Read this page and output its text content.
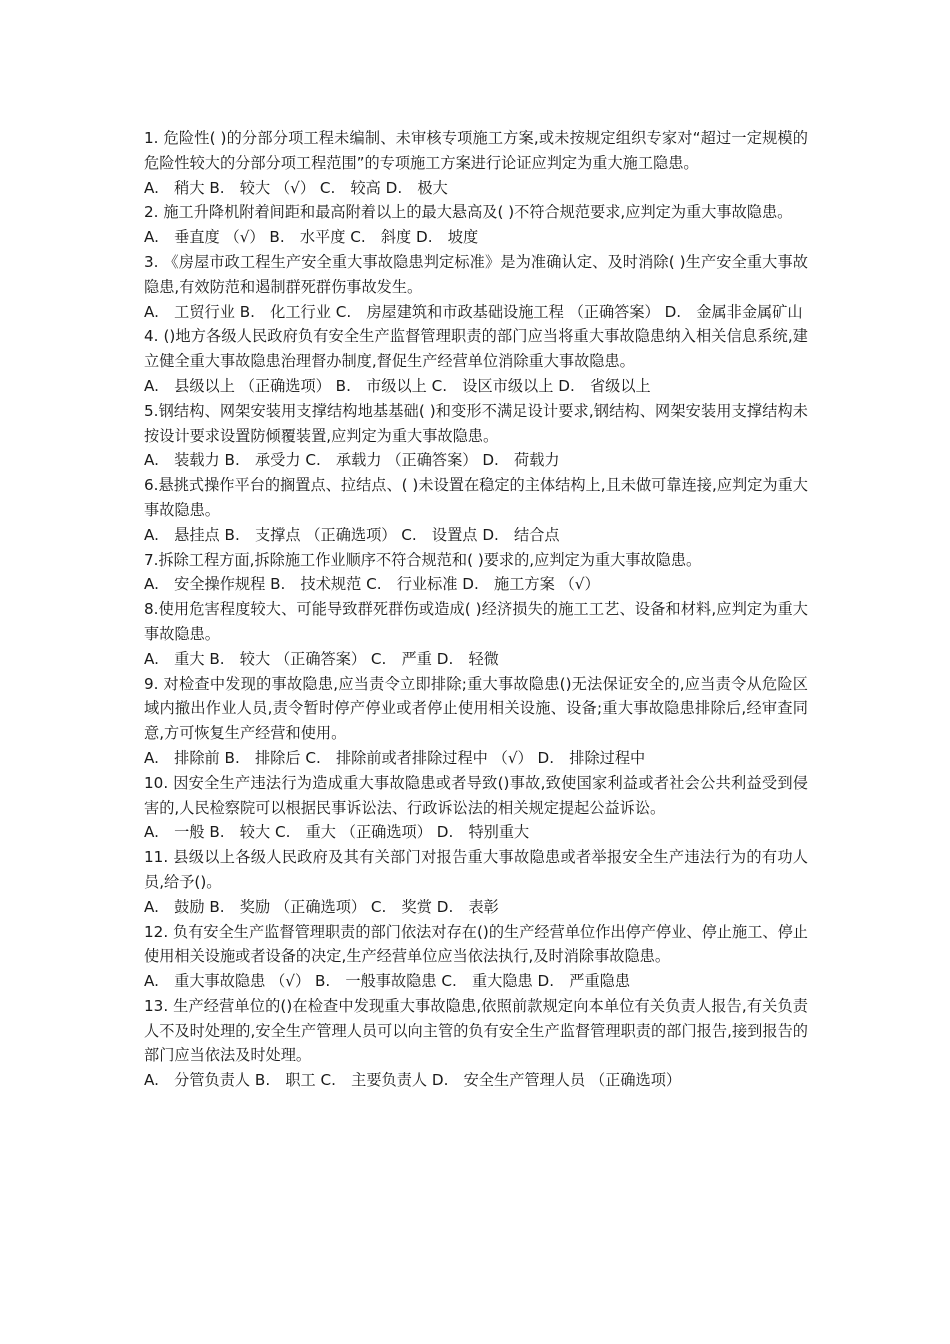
1. 危险性( )的分部分项工程未编制、未审核专项施工方案,或未按规定组织专家对“超过一定规模的危险性较大的分部分项工程范围”的专项施工方案进行论证应判定为重大施工隐患。

A.　稍大 B.　较大 （√） C.　较高 D.　极大

2. 施工升降机附着间距和最高附着以上的最大悬高及( )不符合规范要求,应判定为重大事故隐患。

A.　垂直度 （√） B.　水平度 C.　斜度 D.　坡度

3. 《房屋市政工程生产安全重大事故隐患判定标准》是为准确认定、及时消除( )生产安全重大事故隐患,有效防范和遏制群死群伤事故发生。

A.　工贸行业 B.　化工行业 C.　房屋建筑和市政基础设施工程 （正确答案） D.　金属非金属矿山

4. ()地方各级人民政府负有安全生产监督管理职责的部门应当将重大事故隐患纳入相关信息系统,建立健全重大事故隐患治理督办制度,督促生产经营单位消除重大事故隐患。

A.　县级以上 （正确选项） B.　市级以上 C.　设区市级以上 D.　省级以上

5.钢结构、网架安装用支撑结构地基基础( )和变形不满足设计要求,钢结构、网架安装用支撑结构未按设计要求设置防倾覆装置,应判定为重大事故隐患。

A.　装载力 B.　承受力 C.　承载力 （正确答案） D.　荷载力

6.悬挑式操作平台的搁置点、拉结点、( )未设置在稳定的主体结构上,且未做可靠连接,应判定为重大事故隐患。

A.　悬挂点 B.　支撑点 （正确选项） C.　设置点 D.　结合点

7.拆除工程方面,拆除施工作业顺序不符合规范和( )要求的,应判定为重大事故隐患。

A.　安全操作规程 B.　技术规范 C.　行业标准 D.　施工方案 （√）

8.使用危害程度较大、可能导致群死群伤或造成( )经济损失的施工工艺、设备和材料,应判定为重大事故隐患。

A.　重大 B.　较大 （正确答案） C.　严重 D.　轻微

9. 对检查中发现的事故隐患,应当责令立即排除;重大事故隐患()无法保证安全的,应当责令从危险区域内撤出作业人员,责令暂时停产停业或者停止使用相关设施、设备;重大事故隐患排除后,经审查同意,方可恢复生产经营和使用。

A.　排除前 B.　排除后 C.　排除前或者排除过程中 （√） D.　排除过程中

10. 因安全生产违法行为造成重大事故隐患或者导致()事故,致使国家利益或者社会公共利益受到侵害的,人民检察院可以根据民事诉讼法、行政诉讼法的相关规定提起公益诉讼。

A.　一般 B.　较大 C.　重大 （正确选项） D.　特别重大

11. 县级以上各级人民政府及其有关部门对报告重大事故隐患或者举报安全生产违法行为的有功人员,给予()。

A.　鼓励 B.　奖励 （正确选项） C.　奖赏 D.　表彰

12. 负有安全生产监督管理职责的部门依法对存在()的生产经营单位作出停产停业、停止施工、停止使用相关设施或者设备的决定,生产经营单位应当依法执行,及时消除事故隐患。

A.　重大事故隐患 （√） B.　一般事故隐患 C.　重大隐患 D.　严重隐患

13. 生产经营单位的()在检查中发现重大事故隐患,依照前款规定向本单位有关负责人报告,有关负责人不及时处理的,安全生产管理人员可以向主管的负有安全生产监督管理职责的部门报告,接到报告的部门应当依法及时处理。

A.　分管负责人 B.　职工 C.　主要负责人 D.　安全生产管理人员 （正确选项）
